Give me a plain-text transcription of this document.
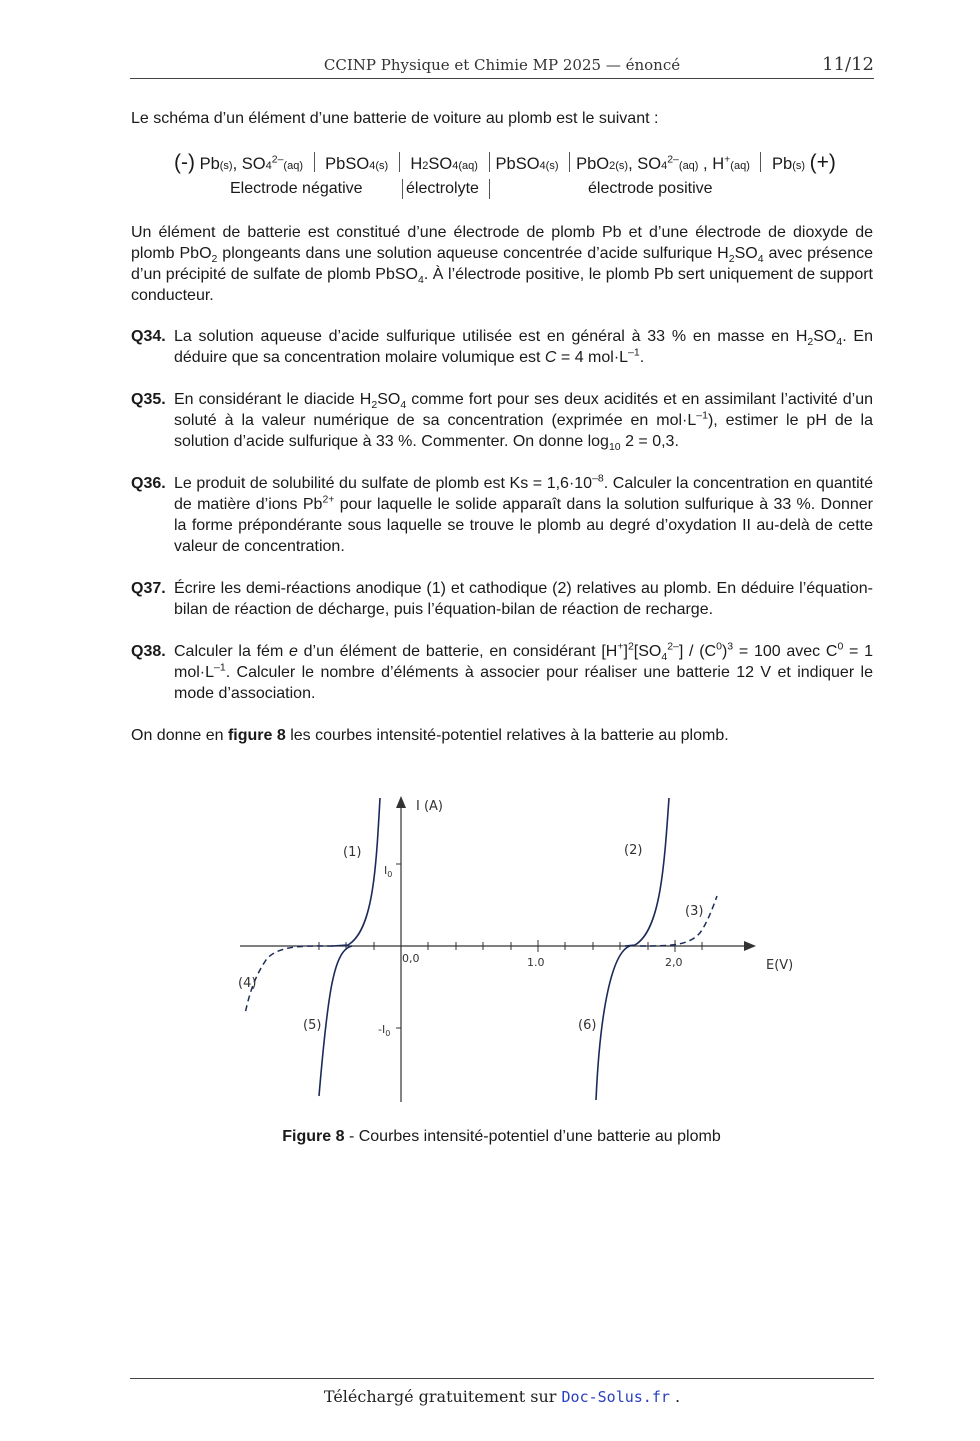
CCINP Physique et Chimie MP 2025 — énoncé	11/12

Le schéma d’un élément d’une batterie de voiture au plomb est le suivant :

(-) Pb(s), $SO4^{2-}(aq)$ PbSO4(s) H2SO4(aq) PbSO4(s) PbO2(s), $SO4^{2-}(aq)$ , H+(aq) Pb(s) (+)
Electrode négative	électrolyte	électrode positive

Un élément de batterie est constitué d’une électrode de plomb Pb et d’une électrode de dioxyde de plomb PbO$_2$ plongeants dans une solution aqueuse concentrée d’acide sulfurique $H_2SO_4$ avec présence d’un précipité de sulfate de plomb PbSO$_4$. À l’électrode positive, le plomb Pb sert uniquement de support conducteur.

Q34. La solution aqueuse d’acide sulfurique utilisée est en général à 33 % en masse en $H_2SO_4$. En déduire que sa concentration molaire volumique est C = 4 $mol\cdot L^{-1}$.

Q35. En considérant le diacide $H_2SO_4$ comme fort pour ses deux acidités et en assimilant l’activité d’un soluté à la valeur numérique de sa concentration (exprimée en $mol\cdot L^{-1}$), estimer le pH de la solution d’acide sulfurique à 33 %. Commenter. On donne $\log_{10} 2 = 0,3$.

Q36. Le produit de solubilité du sulfate de plomb est $Ks = 1,6\cdot 10^{-8}$. Calculer la concentration en quantité de matière d’ions $Pb^{2+}$ pour laquelle le solide apparaît dans la solution sulfurique à 33 %. Donner la forme prépondérante sous laquelle se trouve le plomb au degré d’oxydation II au-delà de cette valeur de concentration.

Q37. Écrire les demi-réactions anodique (1) et cathodique (2) relatives au plomb. En déduire l’équation-bilan de réaction de décharge, puis l’équation-bilan de réaction de recharge.

Q38. Calculer la fém e d’un élément de batterie, en considérant $[H^+]^2[SO_4^{2-}] / (C^0)^3 = 100$ avec $C^0 = 1$ $mol\cdot L^{-1}$. Calculer le nombre d’éléments à associer pour réaliser une batterie 12 V et indiquer le mode d’association.

On donne en figure 8 les courbes intensité-potentiel relatives à la batterie au plomb.

I (A)
E(V)
$I_0$
$-I_0$
0,0	1.0	2,0
(1)	(2)
(3)
(4)
(5)	(6)
Figure 8 - Courbes intensité-potentiel d’une batterie au plomb
Téléchargé gratuitement sur Doc-Solus.fr .
